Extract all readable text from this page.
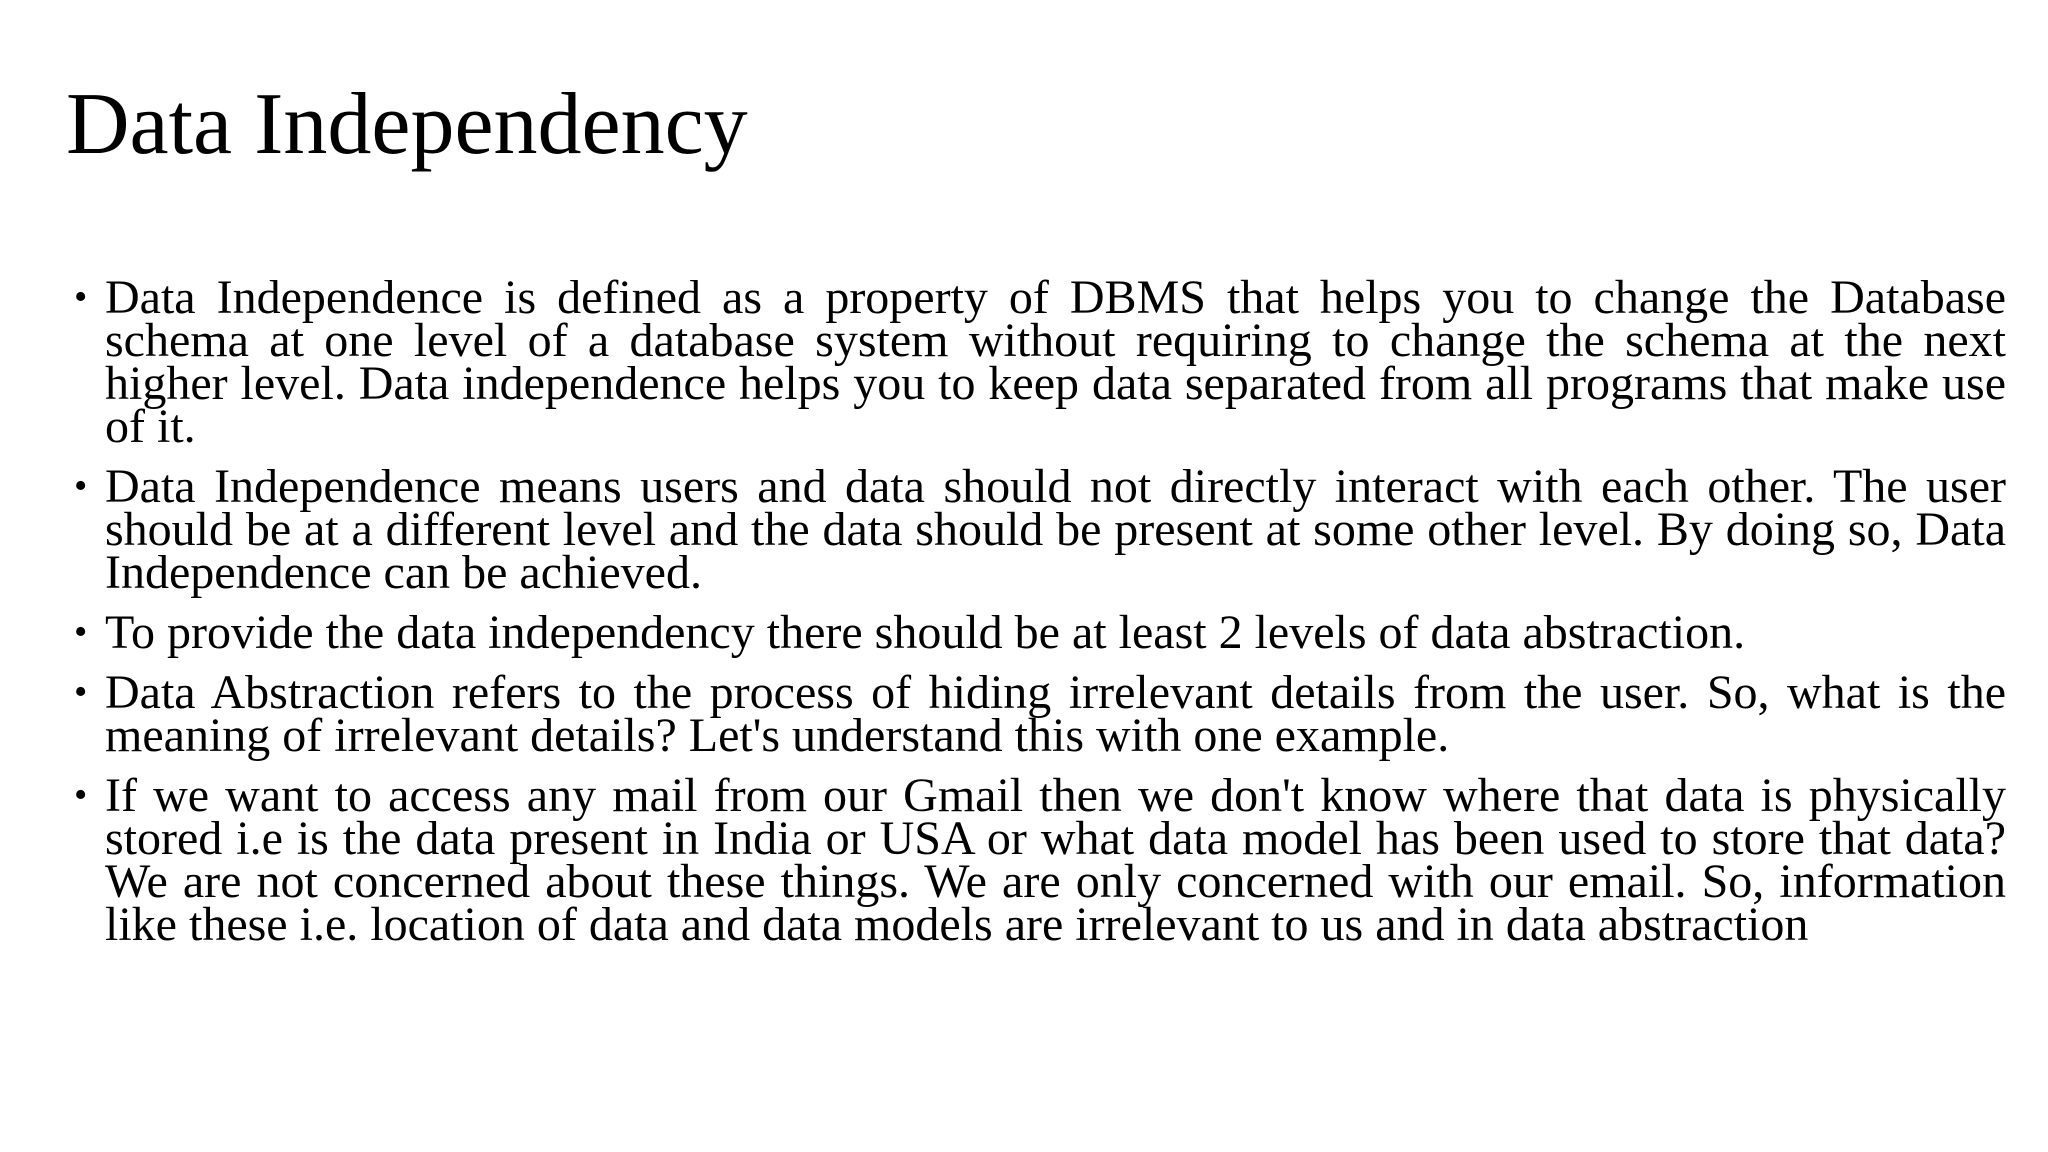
Data Independency
• Data Independence is defined as a property of DBMS that helps you to change the Database schema at one level of a database system without requiring to change the schema at the next higher level. Data independence helps you to keep data separated from all programs that make use of it.
• Data Independence means users and data should not directly interact with each other. The user should be at a different level and the data should be present at some other level. By doing so, Data Independence can be achieved.
• To provide the data independency there should be at least 2 levels of data abstraction.
• Data Abstraction refers to the process of hiding irrelevant details from the user. So, what is the meaning of irrelevant details? Let's understand this with one example.
• If we want to access any mail from our Gmail then we don't know where that data is physically stored i.e is the data present in India or USA or what data model has been used to store that data? We are not concerned about these things. We are only concerned with our email. So, information like these i.e. location of data and data models are irrelevant to us and in data abstraction
